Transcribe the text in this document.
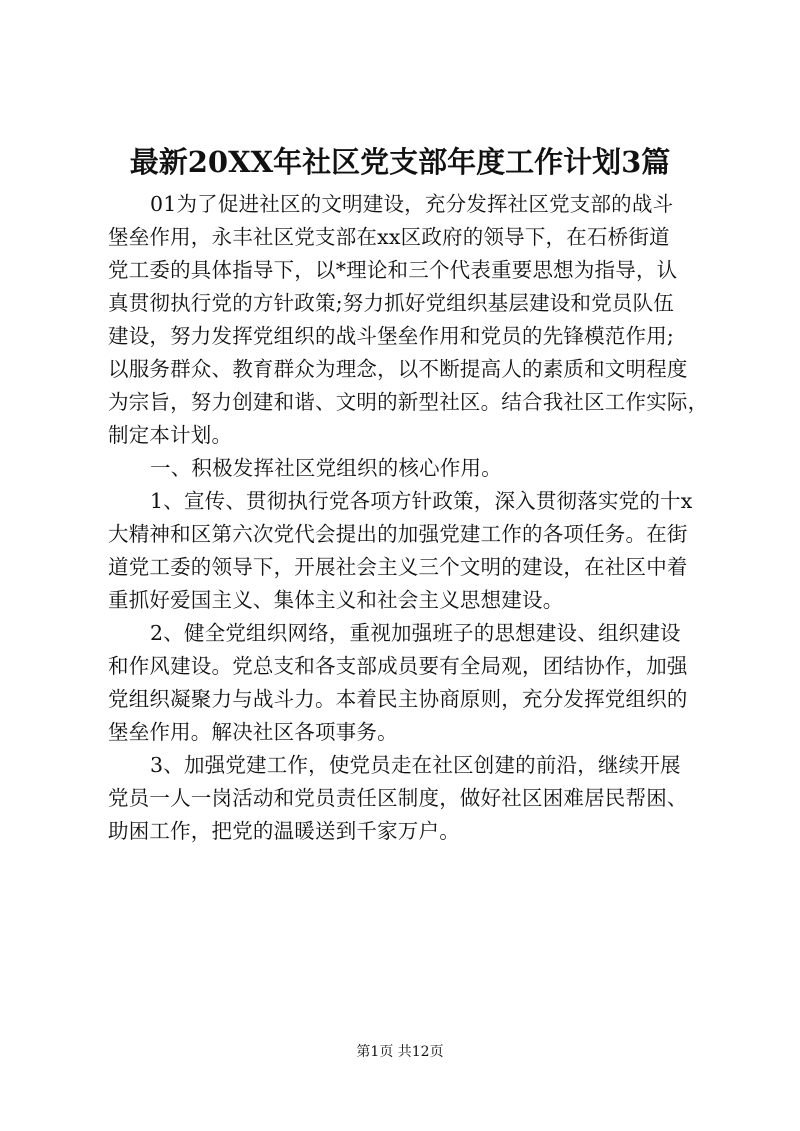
最新20XX年社区党支部年度工作计划3篇

01为了促进社区的文明建设，充分发挥社区党支部的战斗
堡垒作用，永丰社区党支部在xx区政府的领导下，在石桥街道
党工委的具体指导下，以*理论和三个代表重要思想为指导，认
真贯彻执行党的方针政策;努力抓好党组织基层建设和党员队伍
建设，努力发挥党组织的战斗堡垒作用和党员的先锋模范作用;
以服务群众、教育群众为理念，以不断提高人的素质和文明程度
为宗旨，努力创建和谐、文明的新型社区。结合我社区工作实际，
制定本计划。

一、积极发挥社区党组织的核心作用。

1、宣传、贯彻执行党各项方针政策，深入贯彻落实党的十x
大精神和区第六次党代会提出的加强党建工作的各项任务。在街
道党工委的领导下，开展社会主义三个文明的建设，在社区中着
重抓好爱国主义、集体主义和社会主义思想建设。

2、健全党组织网络，重视加强班子的思想建设、组织建设
和作风建设。党总支和各支部成员要有全局观，团结协作，加强
党组织凝聚力与战斗力。本着民主协商原则，充分发挥党组织的
堡垒作用。解决社区各项事务。

3、加强党建工作，使党员走在社区创建的前沿，继续开展
党员一人一岗活动和党员责任区制度，做好社区困难居民帮困、
助困工作，把党的温暖送到千家万户。

第1页 共12页
